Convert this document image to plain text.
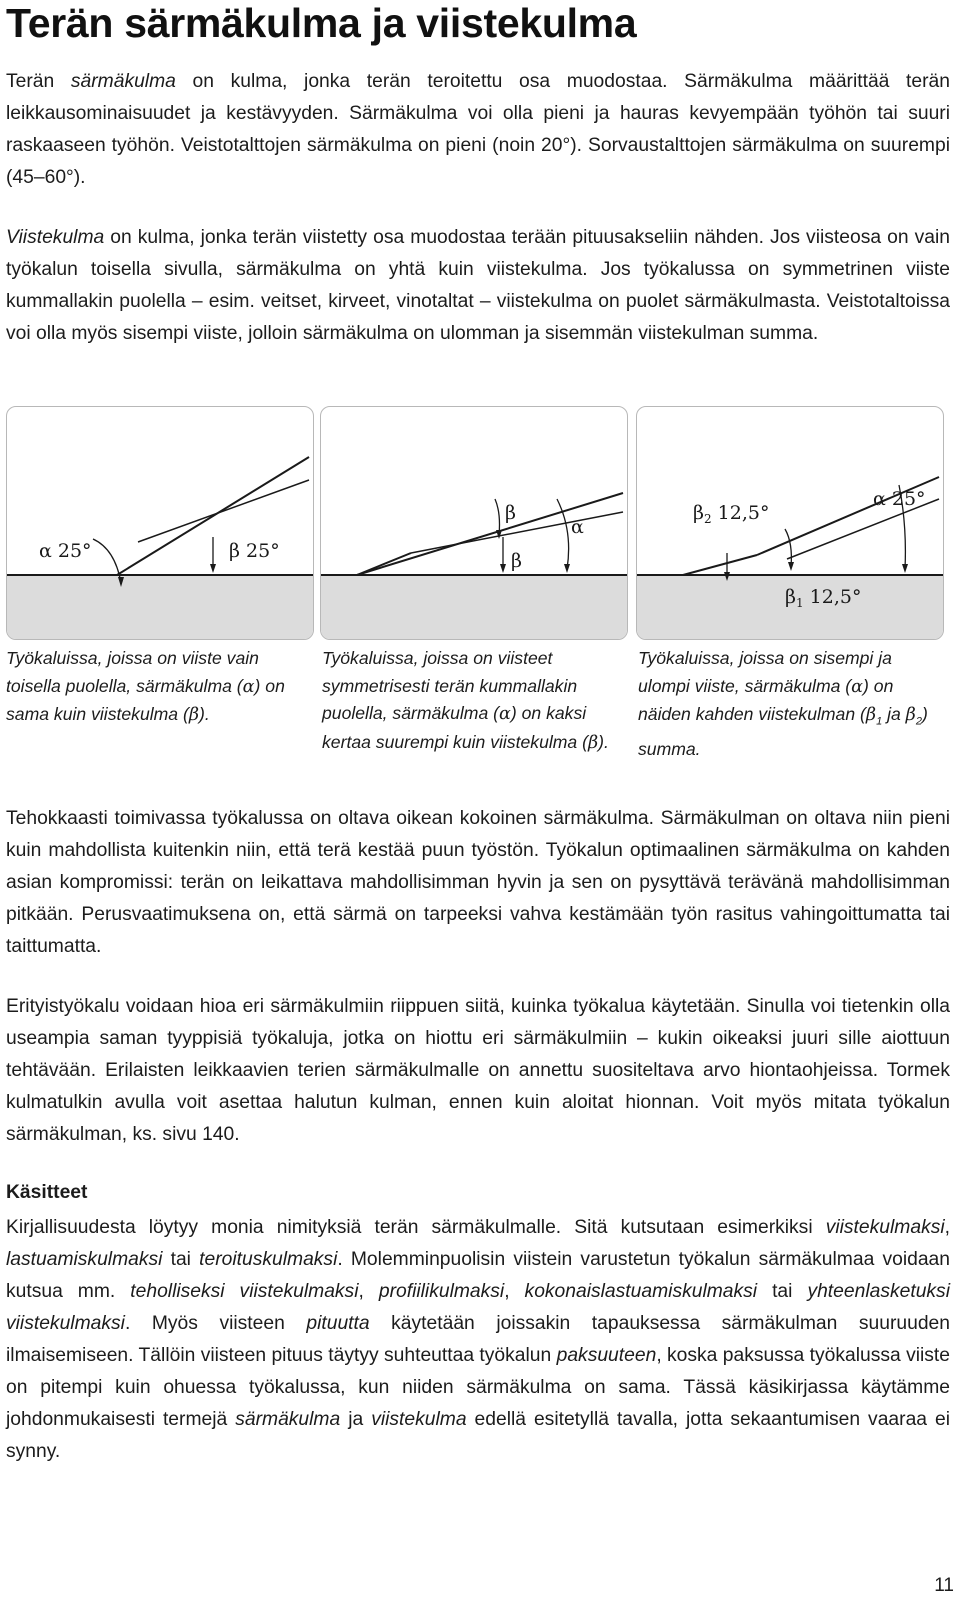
Terän särmäkulma ja viistekulma

Terän särmäkulma on kulma, jonka terän teroitettu osa muodostaa. Särmäkulma määrittää terän leikkausominaisuudet ja kestävyyden. Särmäkulma voi olla pieni ja hauras kevyempään työhön tai suuri raskaaseen työhön. Veistotalttojen särmäkulma on pieni (noin 20°). Sorvaustalttojen särmäkulma on suurempi (45–60°).

Viistekulma on kulma, jonka terän viistetty osa muodostaa terään pituusakseliin nähden. Jos viisteosa on vain työkalun toisella sivulla, särmäkulma on yhtä kuin viistekulma. Jos työkalussa on symmetrinen viiste kummallakin puolella – esim. veitset, kirveet, vinotaltat – viistekulma on puolet särmäkulmasta. Veistotaltoissa voi olla myös sisempi viiste, jolloin särmäkulma on ulomman ja sisemmän viistekulman summa.

α 25°	β 25°
β
α
β
$\beta_2$ 12,5°
α 25°
$\beta_1$ 12,5°

Työkaluissa, joissa on viiste vain toisella puolella, särmäkulma (α) on sama kuin viistekulma (β).

Työkaluissa, joissa on viisteet symmetrisesti terän kummallakin puolella, särmäkulma (α) on kaksi kertaa suurempi kuin viistekulma (β).

Työkaluissa, joissa on sisempi ja ulompi viiste, särmäkulma (α) on näiden kahden viistekulman ($\beta_1$ ja $\beta_2$) summa.

Tehokkaasti toimivassa työkalussa on oltava oikean kokoinen särmäkulma. Särmäkulman on oltava niin pieni kuin mahdollista kuitenkin niin, että terä kestää puun työstön. Työkalun optimaalinen särmäkulma on kahden asian kompromissi: terän on leikattava mahdollisimman hyvin ja sen on pysyttävä terävänä mahdollisimman pitkään. Perusvaatimuksena on, että särmä on tarpeeksi vahva kestämään työn rasitus vahingoittumatta tai taittumatta.

Erityistyökalu voidaan hioa eri särmäkulmiin riippuen siitä, kuinka työkalua käytetään. Sinulla voi tietenkin olla useampia saman tyyppisiä työkaluja, jotka on hiottu eri särmäkulmiin – kukin oikeaksi juuri sille aiottuun tehtävään. Erilaisten leikkaavien terien särmäkulmalle on annettu suositeltava arvo hiontaohjeissa. Tormek kulmatulkin avulla voit asettaa halutun kulman, ennen kuin aloitat hionnan. Voit myös mitata työkalun särmäkulman, ks. sivu 140.

Käsitteet

Kirjallisuudesta löytyy monia nimityksiä terän särmäkulmalle. Sitä kutsutaan esimerkiksi viistekulmaksi, lastuamiskulmaksi tai teroituskulmaksi. Molemminpuolisin viistein varustetun työkalun särmäkulmaa voidaan kutsua mm. teholliseksi viistekulmaksi, profiilikulmaksi, kokonaislastuamiskulmaksi tai yhteenlasketuksi viistekulmaksi. Myös viisteen pituutta käytetään joissakin tapauksessa särmäkulman suuruuden ilmaisemiseen. Tällöin viisteen pituus täytyy suhteuttaa työkalun paksuuteen, koska paksussa työkalussa viiste on pitempi kuin ohuessa työkalussa, kun niiden särmäkulma on sama. Tässä käsikirjassa käytämme johdonmukaisesti termejä särmäkulma ja viistekulma edellä esitetyllä tavalla, jotta sekaantumisen vaaraa ei synny.

11
